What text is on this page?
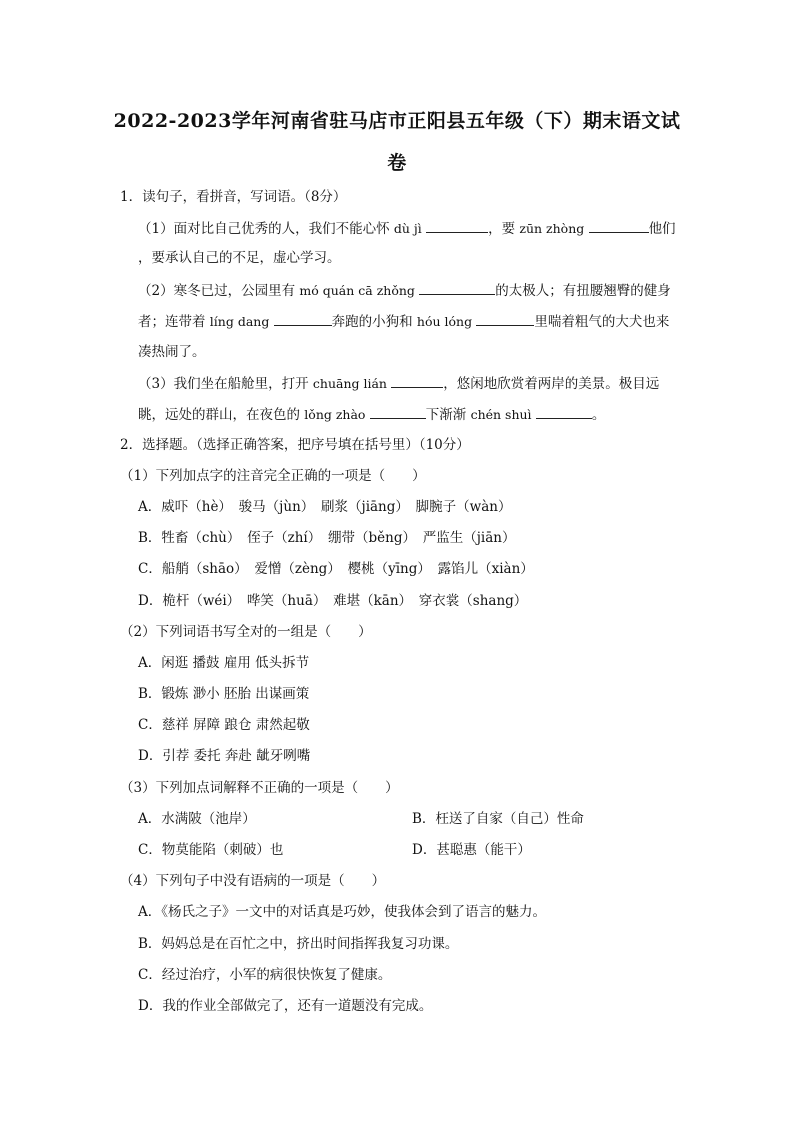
2022-2023学年河南省驻马店市正阳县五年级（下）期末语文试
卷
1．读句子，看拼音，写词语。（8分）
（1）面对比自己优秀的人，我们不能心怀 dù jì	，要 zūn zhòng	他们
，要承认自己的不足，虚心学习。
（2）寒冬已过，公园里有 mó quán cā zhǒng	的太极人；有扭腰翘臀的健身
者；连带着 líng dang	奔跑的小狗和 hóu lóng	里喘着粗气的大犬也来
凑热闹了。
（3）我们坐在船舱里，打开 chuāng lián	，悠闲地欣赏着两岸的美景。极目远
眺，远处的群山，在夜色的 lǒng zhào	下渐渐 chén shuì	。
2．选择题。（选择正确答案，把序号填在括号里）（10分）
（1）下列加点字的注音完全正确的一项是（　　）
A．威吓（hè）　骏马（jùn）　刷浆（jiāng）　脚腕子（wàn）
B．牲畜（chù）　侄子（zhí）　绷带（běng）　严监生（jiān）
C．船艄（shāo）　爱憎（zèng）　樱桃（yīng）　露馅儿（xiàn）
D．桅杆（wéi）　哗笑（huā）　难堪（kān）　穿衣裳（shang）
（2）下列词语书写全对的一组是（　　）
A．闲逛 播鼓 雇用 低头拆节
B．锻炼 渺小 胚胎 出谋画策
C．慈祥 屏障 踉仓 肃然起敬
D．引荐 委托 奔赴 龇牙咧嘴
（3）下列加点词解释不正确的一项是（　　）
A．水满陂（池岸）	B．枉送了自家（自己）性命
C．物莫能陷（刺破）也	D．甚聪惠（能干）
（4）下列句子中没有语病的一项是（　　）
A．《杨氏之子》一文中的对话真是巧妙，使我体会到了语言的魅力。
B．妈妈总是在百忙之中，挤出时间指挥我复习功课。
C．经过治疗，小军的病很快恢复了健康。
D．我的作业全部做完了，还有一道题没有完成。
